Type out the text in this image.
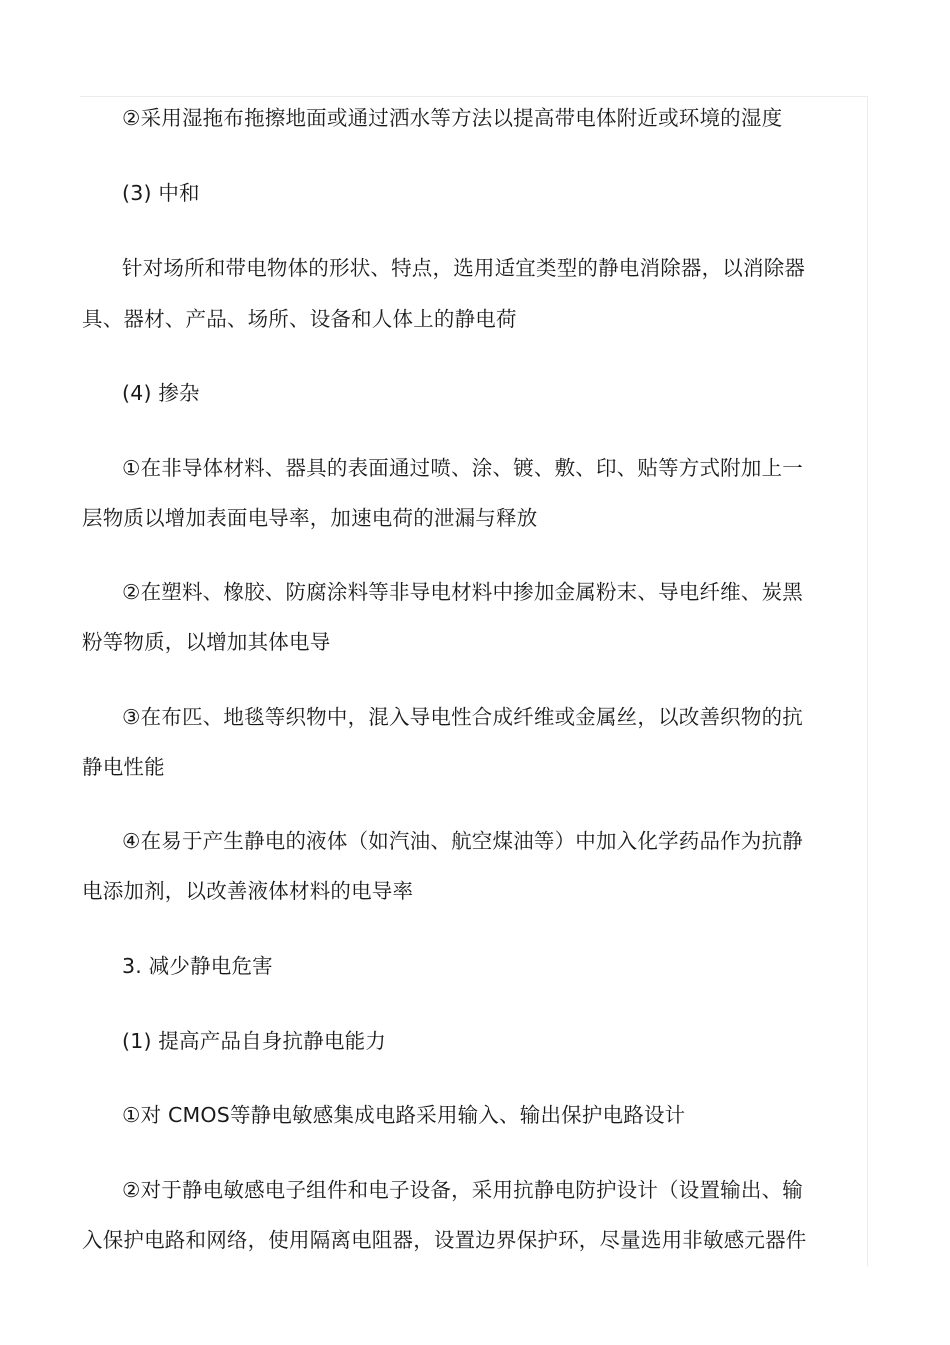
②采用湿拖布拖擦地面或通过洒水等方法以提高带电体附近或环境的湿度
(3) 中和
针对场所和带电物体的形状、特点，选用适宜类型的静电消除器，以消除器
具、器材、产品、场所、设备和人体上的静电荷
(4) 掺杂
①在非导体材料、器具的表面通过喷、涂、镀、敷、印、贴等方式附加上一
层物质以增加表面电导率，加速电荷的泄漏与释放
②在塑料、橡胶、防腐涂料等非导电材料中掺加金属粉末、导电纤维、炭黑
粉等物质，以增加其体电导
③在布匹、地毯等织物中，混入导电性合成纤维或金属丝，以改善织物的抗
静电性能
④在易于产生静电的液体（如汽油、航空煤油等）中加入化学药品作为抗静
电添加剂，以改善液体材料的电导率
3. 减少静电危害
(1) 提高产品自身抗静电能力
①对 CMOS等静电敏感集成电路采用输入、输出保护电路设计
②对于静电敏感电子组件和电子设备，采用抗静电防护设计（设置输出、输
入保护电路和网络，使用隔离电阻器，设置边界保护环，尽量选用非敏感元器件
